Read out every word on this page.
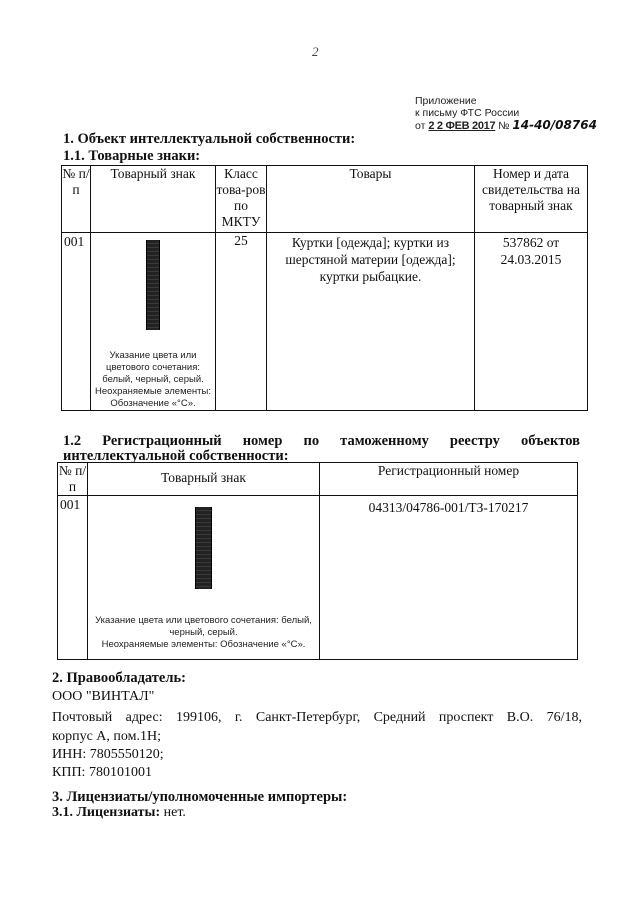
2
Приложение
к письму ФТС России
от 2 2 ФЕВ 2017 № 14-40/08764
1. Объект интеллектуальной собственности:
1.1. Товарные знаки:
№ п/п	Товарный знак	Класс това-ров по МКТУ	Товары	Номер и дата свидетельства на товарный знак
001	Указание цвета или цветового сочетания: белый, черный, серый.
Неохраняемые элементы: Обозначение «°С».	25	Куртки [одежда]; куртки из шерстяной материи [одежда]; куртки рыбацкие.	537862 от 24.03.2015
1.2 Регистрационный номер по таможенному реестру объектов
интеллектуальной собственности:
№ п/п	Товарный знак	Регистрационный номер
001	Указание цвета или цветового сочетания: белый, черный, серый.
Неохраняемые элементы: Обозначение «°С».	04313/04786-001/ТЗ-170217
2. Правообладатель:
ООО "ВИНТАЛ"
Почтовый адрес: 199106, г. Санкт-Петербург, Средний проспект В.О. 76/18,
корпус А, пом.1Н;
ИНН: 7805550120;
КПП: 780101001
3. Лицензиаты/уполномоченные импортеры:
3.1. Лицензиаты: нет.
